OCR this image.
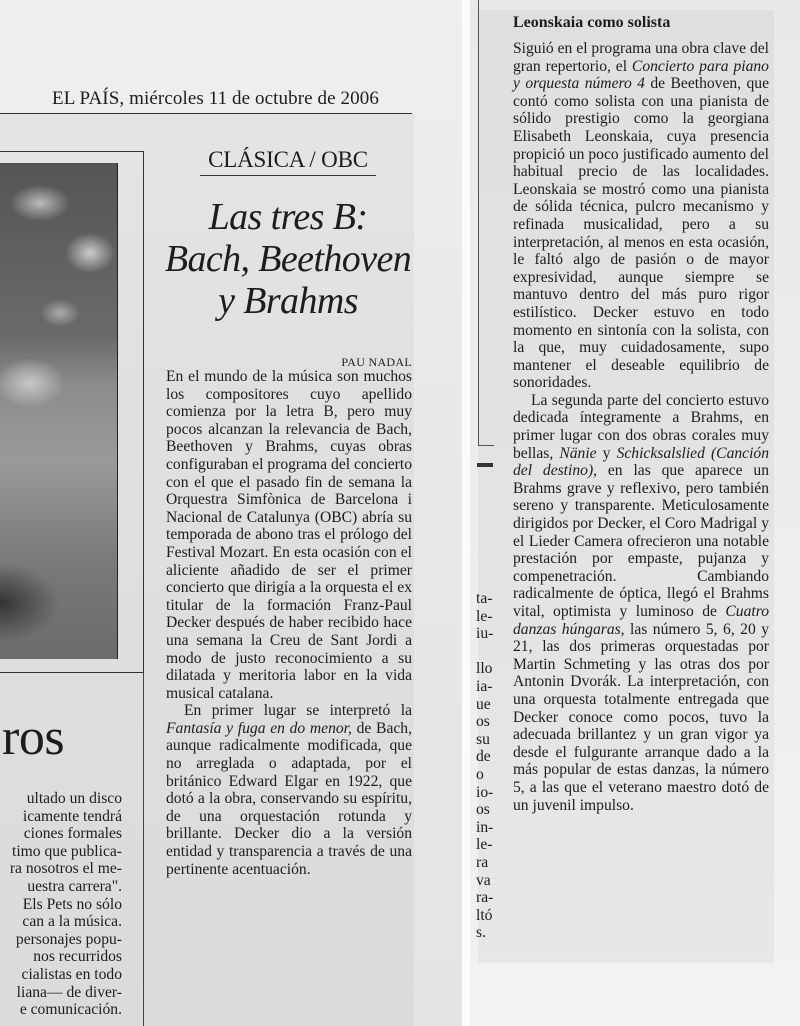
EL PAÍS, miércoles 11 de octubre de 2006
CLÁSICA / OBC
Las tres B:
Bach, Beethoven
y Brahms
PAU NADAL

En el mundo de la música son muchos los compositores cuyo apellido comienza por la letra B, pero muy pocos alcanzan la relevancia de Bach, Beethoven y Brahms, cuyas obras configuraban el programa del concierto con el que el pasado fin de semana la Orquestra Simfònica de Barcelona i Nacional de Catalunya (OBC) abría su temporada de abono tras el prólogo del Festival Mozart. En esta ocasión con el aliciente añadido de ser el primer concierto que dirigía a la orquesta el ex titular de la formación Franz-Paul Decker después de haber recibido hace una semana la Creu de Sant Jordi a modo de justo reconocimiento a su dilatada y meritoria labor en la vida musical catalana.

En primer lugar se interpretó la Fantasía y fuga en do menor, de Bach, aunque radicalmente modificada, que no arreglada o adaptada, por el británico Edward Elgar en 1922, que dotó a la obra, conservando su espíritu, de una orquestación rotunda y brillante. Decker dio a la versión entidad y transparencia a través de una pertinente acentuación.

ros
ultado un disco
icamente tendrá
ciones formales
timo que publica-
ra nosotros el me-
uestra carrera".
Els Pets no sólo
can a la música.
personajes popu-
nos recurridos
cialistas en todo
liana— de diver-
e comunicación.
ta-
le-
iu-
llo
ia-
ue
os
su
de
o
io-
os
in-
le-
ra
va
ra-
ltó
s.
Leonskaia como solista

Siguió en el programa una obra clave del gran repertorio, el Concierto para piano y orquesta número 4 de Beethoven, que contó como solista con una pianista de sólido prestigio como la georgiana Elisabeth Leonskaia, cuya presencia propició un poco justificado aumento del habitual precio de las localidades. Leonskaia se mostró como una pianista de sólida técnica, pulcro mecanismo y refinada musicalidad, pero a su interpretación, al menos en esta ocasión, le faltó algo de pasión o de mayor expresividad, aunque siempre se mantuvo dentro del más puro rigor estilístico. Decker estuvo en todo momento en sintonía con la solista, con la que, muy cuidadosamente, supo mantener el deseable equilibrio de sonoridades.

La segunda parte del concierto estuvo dedicada íntegramente a Brahms, en primer lugar con dos obras corales muy bellas, Nänie y Schicksalslied (Canción del destino), en las que aparece un Brahms grave y reflexivo, pero también sereno y transparente. Meticulosamente dirigidos por Decker, el Coro Madrigal y el Lieder Camera ofrecieron una notable prestación por empaste, pujanza y compenetración. Cambiando radicalmente de óptica, llegó el Brahms vital, optimista y luminoso de Cuatro danzas húngaras, las número 5, 6, 20 y 21, las dos primeras orquestadas por Martin Schmeting y las otras dos por Antonin Dvorák. La interpretación, con una orquesta totalmente entregada que Decker conoce como pocos, tuvo la adecuada brillantez y un gran vigor ya desde el fulgurante arranque dado a la más popular de estas danzas, la número 5, a las que el veterano maestro dotó de un juvenil impulso.
